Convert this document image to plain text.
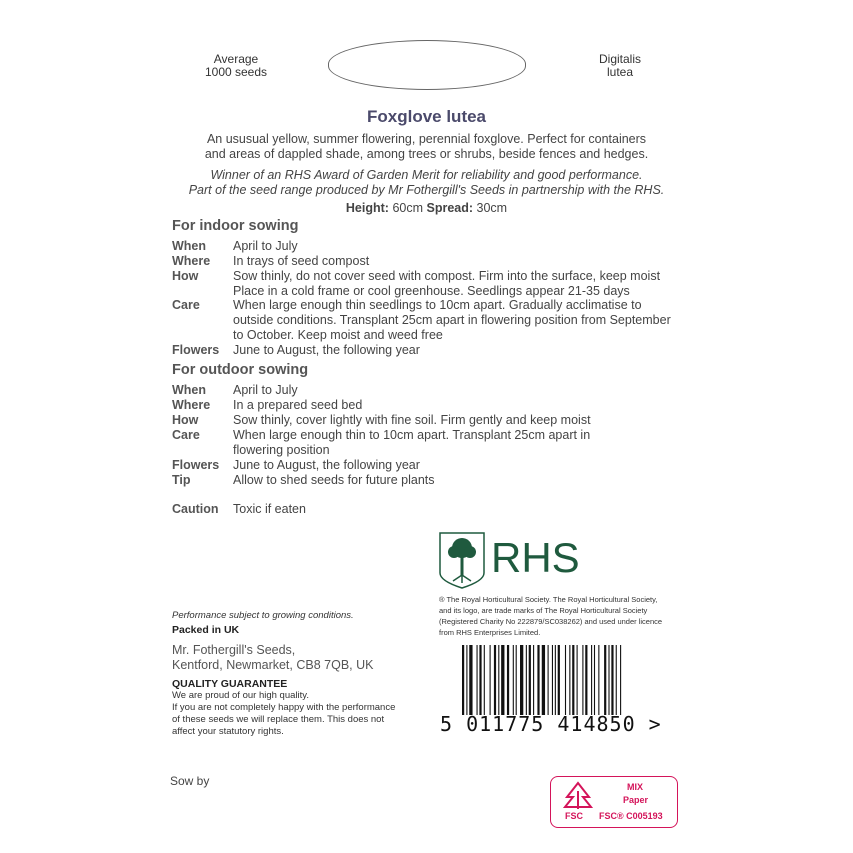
Average
1000 seeds
Digitalis
lutea
Foxglove lutea
An ususual yellow, summer flowering, perennial foxglove. Perfect for containers
and areas of dappled shade, among trees or shrubs, beside fences and hedges.
Winner of an RHS Award of Garden Merit for reliability and good performance.
Part of the seed range produced by Mr Fothergill's Seeds in partnership with the RHS.
Height: 60cm Spread: 30cm
For indoor sowing
When	April to July
Where	In trays of seed compost
How	Sow thinly, do not cover seed with compost. Firm into the surface, keep moist Place in a cold frame or cool greenhouse. Seedlings appear 21-35 days
Care	When large enough thin seedlings to 10cm apart. Gradually acclimatise to outside conditions. Transplant 25cm apart in flowering position from September to October. Keep moist and weed free
Flowers	June to August, the following year
For outdoor sowing
When	April to July
Where	In a prepared seed bed
How	Sow thinly, cover lightly with fine soil. Firm gently and keep moist
Care	When large enough thin to 10cm apart. Transplant 25cm apart in flowering position
Flowers	June to August, the following year
Tip	Allow to shed seeds for future plants
Caution	Toxic if eaten
RHS
® The Royal Horticultural Society. The Royal Horticultural Society,
and its logo, are trade marks of The Royal Horticultural Society
(Registered Charity No 222879/SC038262) and used under licence
from RHS Enterprises Limited.
Performance subject to growing conditions.
Packed in UK
Mr. Fothergill's Seeds,
Kentford, Newmarket, CB8 7QB, UK
QUALITY GUARANTEE
We are proud of our high quality.
If you are not completely happy with the performance
of these seeds we will replace them. This does not
affect your statutory rights.
Sow by
5 011775 414850 >
FSC
MIX
Paper
FSC® C005193
